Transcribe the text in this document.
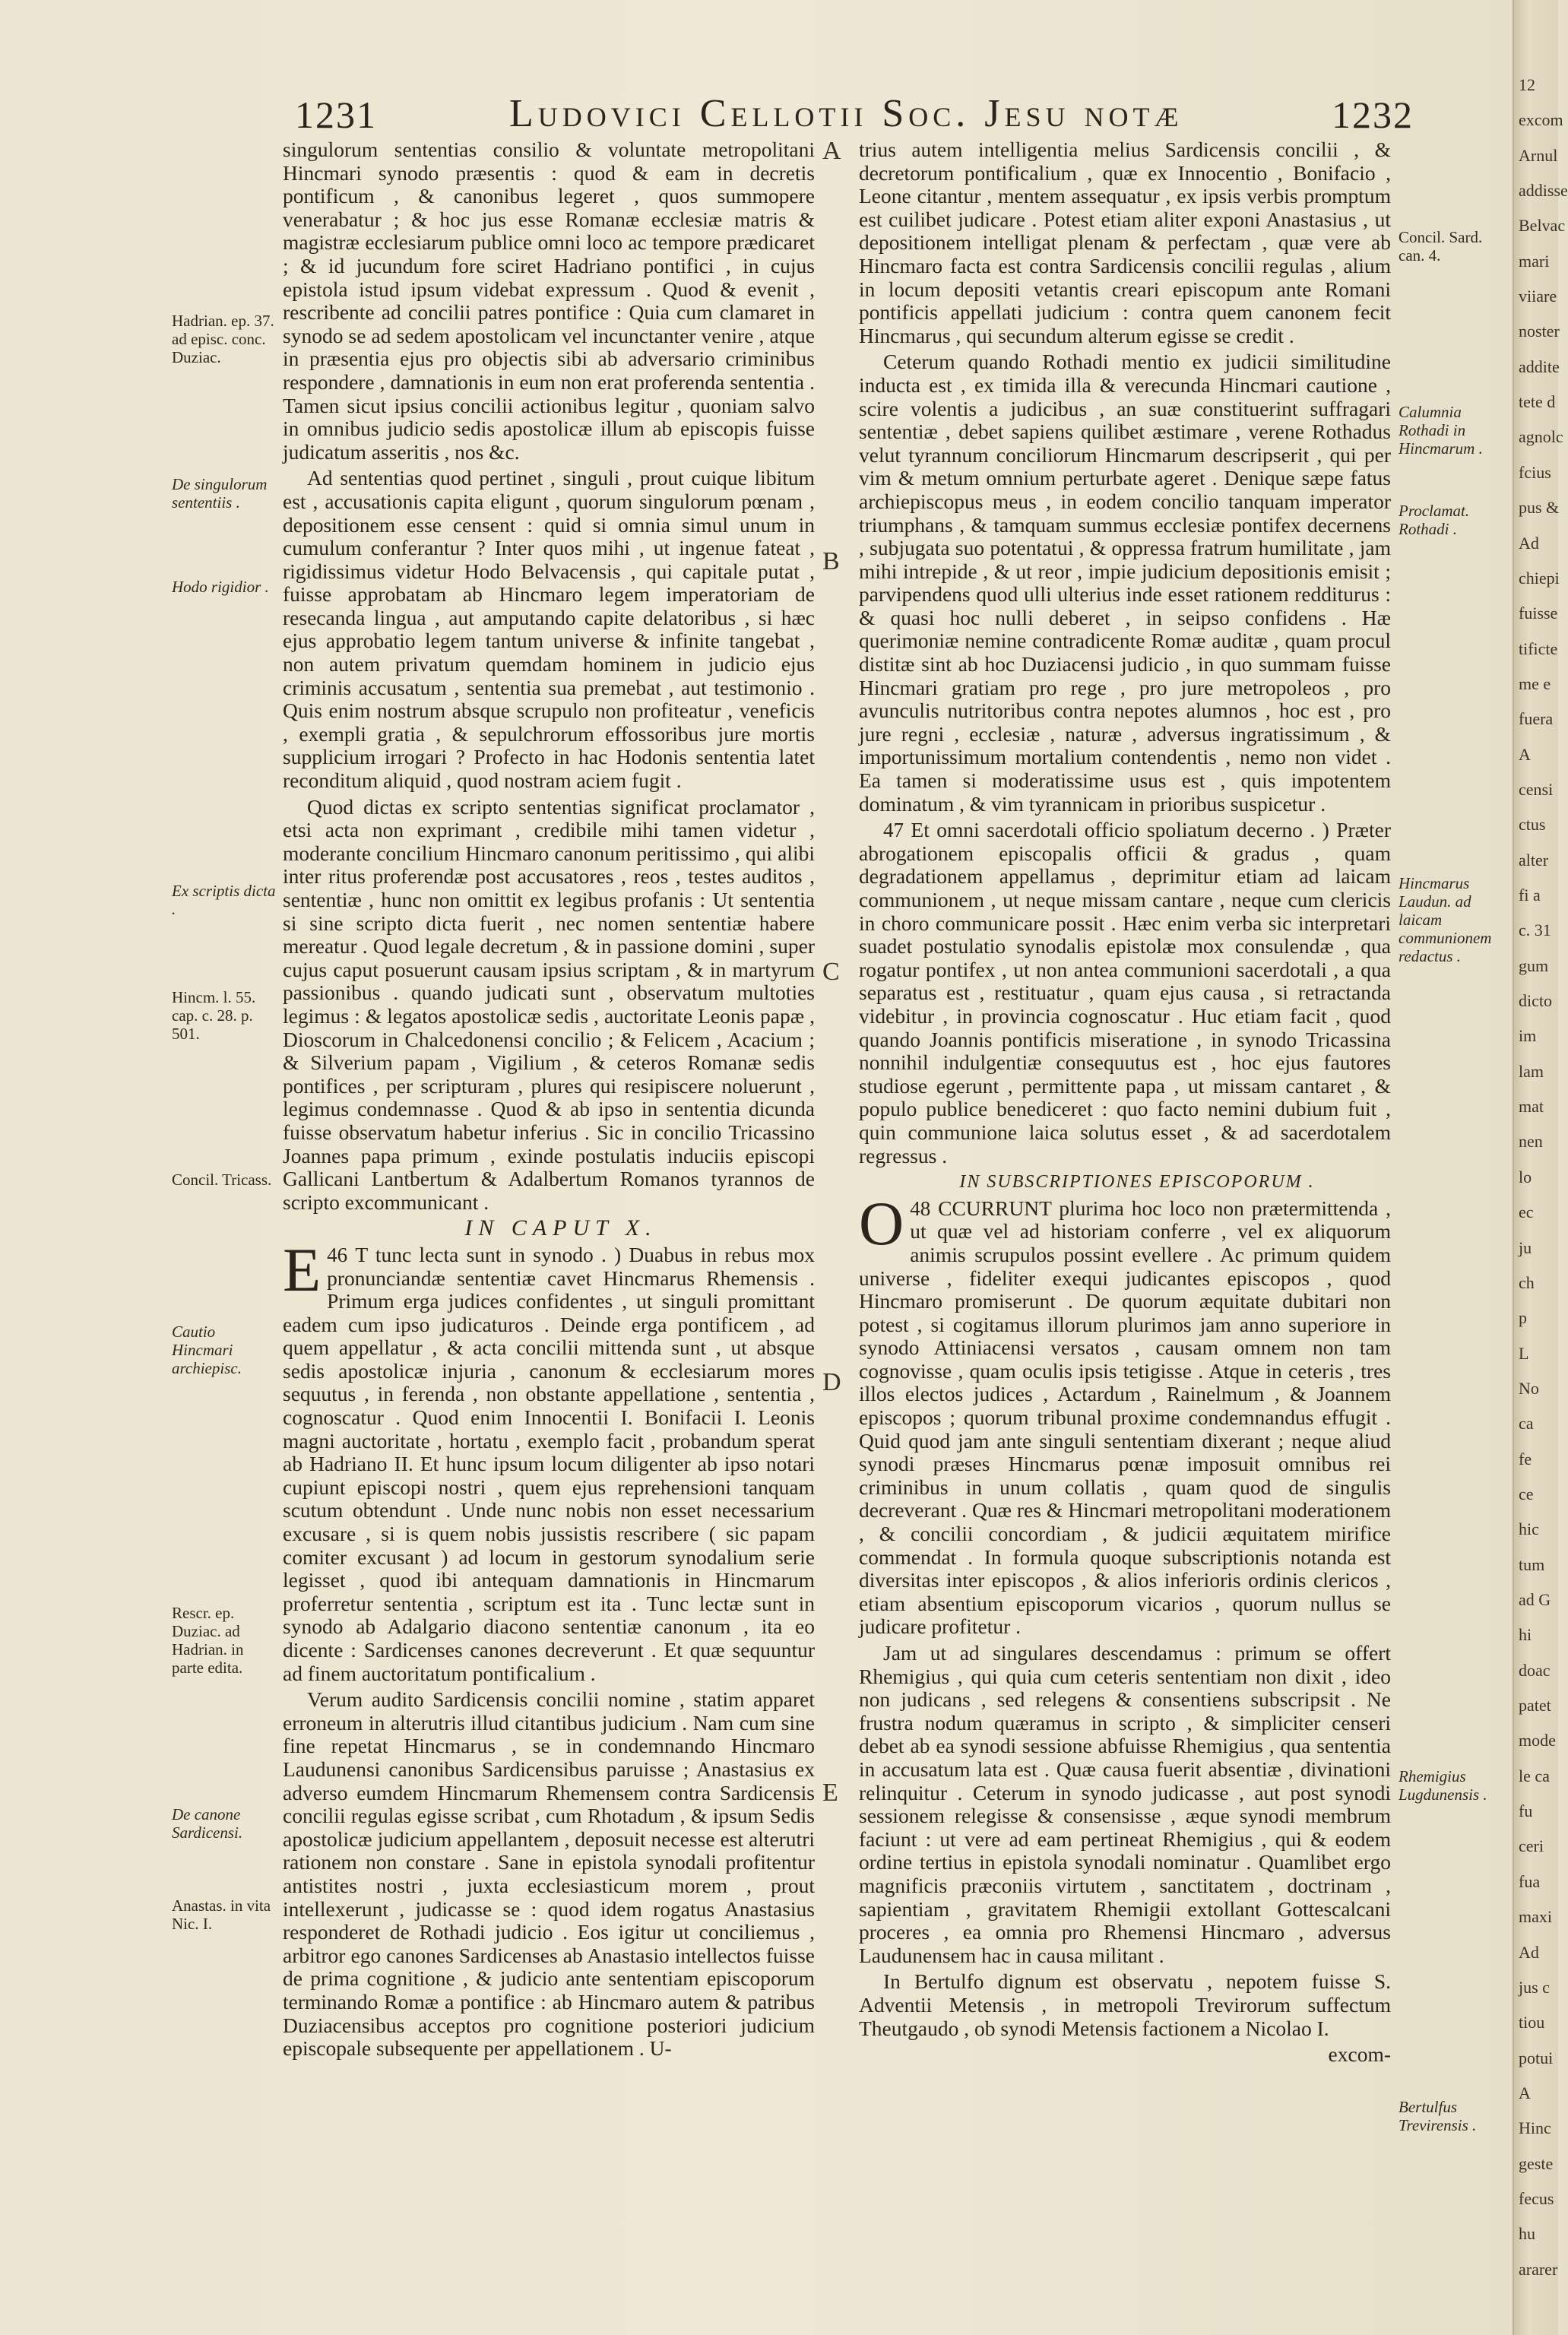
1231	Ludovici Cellotii Soc. Jesu notæ	1232
A
B
C
D
E

singulorum sententias consilio & voluntate metropolitani Hincmari synodo præsentis : quod & eam in decretis pontificum , & canonibus legeret , quos summopere venerabatur ; & hoc jus esse Romanæ ecclesiæ matris & magistræ ecclesiarum publice omni loco ac tempore prædicaret ; & id jucundum fore sciret Hadriano pontifici , in cujus epistola istud ipsum videbat expressum . Quod & evenit , rescribente ad concilii patres pontifice : Quia cum clamaret in synodo se ad sedem apostolicam vel incunctanter venire , atque in præsentia ejus pro objectis sibi ab adversario criminibus respondere , damnationis in eum non erat proferenda sententia . Tamen sicut ipsius concilii actionibus legitur , quoniam salvo in omnibus judicio sedis apostolicæ illum ab episcopis fuisse judicatum asseritis , nos &c.

Ad sententias quod pertinet , singuli , prout cuique libitum est , accusationis capita eligunt , quorum singulorum pœnam , depositionem esse censent : quid si omnia simul unum in cumulum conferantur ? Inter quos mihi , ut ingenue fateat , rigidissimus videtur Hodo Belvacensis , qui capitale putat , fuisse approbatam ab Hincmaro legem imperatoriam de resecanda lingua , aut amputando capite delatoribus , si hæc ejus approbatio legem tantum universe & infinite tangebat , non autem privatum quemdam hominem in judicio ejus criminis accusatum , sententia sua premebat , aut testimonio . Quis enim nostrum absque scrupulo non profiteatur , veneficis , exempli gratia , & sepulchrorum effossoribus jure mortis supplicium irrogari ? Profecto in hac Hodonis sententia latet reconditum aliquid , quod nostram aciem fugit .

Quod dictas ex scripto sententias significat proclamator , etsi acta non exprimant , credibile mihi tamen videtur , moderante concilium Hincmaro canonum peritissimo , qui alibi inter ritus proferendæ post accusatores , reos , testes auditos , sententiæ , hunc non omittit ex legibus profanis : Ut sententia si sine scripto dicta fuerit , nec nomen sententiæ habere mereatur . Quod legale decretum , & in passione domini , super cujus caput posuerunt causam ipsius scriptam , & in martyrum passionibus . quando judicati sunt , observatum multoties legimus : & legatos apostolicæ sedis , auctoritate Leonis papæ , Dioscorum in Chalcedonensi concilio ; & Felicem , Acacium ; & Silverium papam , Vigilium , & ceteros Romanæ sedis pontifices , per scripturam , plures qui resipiscere noluerunt , legimus condemnasse . Quod & ab ipso in sententia dicunda fuisse observatum habetur inferius . Sic in concilio Tricassino Joannes papa primum , exinde postulatis induciis episcopi Gallicani Lantbertum & Adalbertum Romanos tyrannos de scripto excommunicant .

IN CAPUT X.

46
E T tunc lecta sunt in synodo . ) Duabus in rebus mox pronunciandæ sententiæ cavet Hincmarus Rhemensis . Primum erga judices confidentes , ut singuli promittant eadem cum ipso judicaturos . Deinde erga pontificem , ad quem appellatur , & acta concilii mittenda sunt , ut absque sedis apostolicæ injuria , canonum & ecclesiarum mores sequutus , in ferenda , non obstante appellatione , sententia , cognoscatur . Quod enim Innocentii I. Bonifacii I. Leonis magni auctoritate , hortatu , exemplo facit , probandum sperat ab Hadriano II. Et hunc ipsum locum diligenter ab ipso notari cupiunt episcopi nostri , quem ejus reprehensioni tanquam scutum obtendunt . Unde nunc nobis non esset necessarium excusare , si is quem nobis jussistis rescribere ( sic papam comiter excusant ) ad locum in gestorum synodalium serie legisset , quod ibi antequam damnationis in Hincmarum proferretur sententia , scriptum est ita . Tunc lectæ sunt in synodo ab Adalgario diacono sententiæ canonum , ita eo dicente : Sardicenses canones decreverunt . Et quæ sequuntur ad finem auctoritatum pontificalium .

Verum audito Sardicensis concilii nomine , statim apparet erroneum in alterutris illud citantibus judicium . Nam cum sine fine repetat Hincmarus , se in condemnando Hincmaro Laudunensi canonibus Sardicensibus paruisse ; Anastasius ex adverso eumdem Hincmarum Rhemensem contra Sardicensis concilii regulas egisse scribat , cum Rhotadum , & ipsum Sedis apostolicæ judicium appellantem , deposuit necesse est alterutri rationem non constare . Sane in epistola synodali profitentur antistites nostri , juxta ecclesiasticum morem , prout intellexerunt , judicasse se : quod idem rogatus Anastasius responderet de Rothadi judicio . Eos igitur ut conciliemus , arbitror ego canones Sardicenses ab Anastasio intellectos fuisse de prima cognitione , & judicio ante sententiam episcoporum terminando Romæ a pontifice : ab Hincmaro autem & patribus Duziacensibus acceptos pro cognitione posteriori judicium episcopale subsequente per appellationem . U-

trius autem intelligentia melius Sardicensis concilii , & decretorum pontificalium , quæ ex Innocentio , Bonifacio , Leone citantur , mentem assequatur , ex ipsis verbis promptum est cuilibet judicare . Potest etiam aliter exponi Anastasius , ut depositionem intelligat plenam & perfectam , quæ vere ab Hincmaro facta est contra Sardicensis concilii regulas , alium in locum depositi vetantis creari episcopum ante Romani pontificis appellati judicium : contra quem canonem fecit Hincmarus , qui secundum alterum egisse se credit .

Ceterum quando Rothadi mentio ex judicii similitudine inducta est , ex timida illa & verecunda Hincmari cautione , scire volentis a judicibus , an suæ constituerint suffragari sententiæ , debet sapiens quilibet æstimare , verene Rothadus velut tyrannum conciliorum Hincmarum descripserit , qui per vim & metum omnium perturbate ageret . Denique sæpe fatus archiepiscopus meus , in eodem concilio tanquam imperator triumphans , & tamquam summus ecclesiæ pontifex decernens , subjugata suo potentatui , & oppressa fratrum humilitate , jam mihi intrepide , & ut reor , impie judicium depositionis emisit ; parvipendens quod ulli ulterius inde esset rationem redditurus : & quasi hoc nulli deberet , in seipso confidens . Hæ querimoniæ nemine contradicente Romæ auditæ , quam procul distitæ sint ab hoc Duziacensi judicio , in quo summam fuisse Hincmari gratiam pro rege , pro jure metropoleos , pro avunculis nutritoribus contra nepotes alumnos , hoc est , pro jure regni , ecclesiæ , naturæ , adversus ingratissimum , & importunissimum mortalium contendentis , nemo non videt . Ea tamen si moderatissime usus est , quis impotentem dominatum , & vim tyrannicam in prioribus suspicetur .

47 Et omni sacerdotali officio spoliatum decerno . ) Præter abrogationem episcopalis officii & gradus , quam degradationem appellamus , deprimitur etiam ad laicam communionem , ut neque missam cantare , neque cum clericis in choro communicare possit . Hæc enim verba sic interpretari suadet postulatio synodalis epistolæ mox consulendæ , qua rogatur pontifex , ut non antea communioni sacerdotali , a qua separatus est , restituatur , quam ejus causa , si retractanda videbitur , in provincia cognoscatur . Huc etiam facit , quod quando Joannis pontificis miseratione , in synodo Tricassina nonnihil indulgentiæ consequutus est , hoc ejus fautores studiose egerunt , permittente papa , ut missam cantaret , & populo publice benediceret : quo facto nemini dubium fuit , quin communione laica solutus esset , & ad sacerdotalem regressus .

IN SUBSCRIPTIONES EPISCOPORUM .

48
O CCURRUNT plurima hoc loco non prætermittenda , ut quæ vel ad historiam conferre , vel ex aliquorum animis scrupulos possint evellere . Ac primum quidem universe , fideliter exequi judicantes episcopos , quod Hincmaro promiserunt . De quorum æquitate dubitari non potest , si cogitamus illorum plurimos jam anno superiore in synodo Attiniacensi versatos , causam omnem non tam cognovisse , quam oculis ipsis tetigisse . Atque in ceteris , tres illos electos judices , Actardum , Rainelmum , & Joannem episcopos ; quorum tribunal proxime condemnandus effugit . Quid quod jam ante singuli sententiam dixerant ; neque aliud synodi præses Hincmarus pœnæ imposuit omnibus rei criminibus in unum collatis , quam quod de singulis decreverant . Quæ res & Hincmari metropolitani moderationem , & concilii concordiam , & judicii æquitatem mirifice commendat . In formula quoque subscriptionis notanda est diversitas inter episcopos , & alios inferioris ordinis clericos , etiam absentium episcoporum vicarios , quorum nullus se judicare profitetur .

Jam ut ad singulares descendamus : primum se offert Rhemigius , qui quia cum ceteris sententiam non dixit , ideo non judicans , sed relegens & consentiens subscripsit . Ne frustra nodum quæramus in scripto , & simpliciter censeri debet ab ea synodi sessione abfuisse Rhemigius , qua sententia in accusatum lata est . Quæ causa fuerit absentiæ , divinationi relinquitur . Ceterum in synodo judicasse , aut post synodi sessionem relegisse & consensisse , æque synodi membrum faciunt : ut vere ad eam pertineat Rhemigius , qui & eodem ordine tertius in epistola synodali nominatur . Quamlibet ergo magnificis præconiis virtutem , sanctitatem , doctrinam , sapientiam , gravitatem Rhemigii extollant Gottescalcani proceres , ea omnia pro Rhemensi Hincmaro , adversus Laudunensem hac in causa militant .

In Bertulfo dignum est observatu , nepotem fuisse S. Adventii Metensis , in metropoli Trevirorum suffectum Theutgaudo , ob synodi Metensis factionem a Nicolao I.

excom-

Hadrian. ep. 37. ad episc. conc. Duziac.
De singulorum sententiis .
Hodo rigidior .
Ex scriptis dicta .
Hincm. l. 55. cap. c. 28. p. 501.
Concil. Tricass.
Cautio Hincmari archiepisc.
Rescr. ep. Duziac. ad Hadrian. in parte edita.
De canone Sardicensi.
Anastas. in vita Nic. I.
Concil. Sard. can. 4.
Calumnia Rothadi in Hincmarum .
Proclamat. Rothadi .
Hincmarus Laudun. ad laicam communionem redactus .
Rhemigius Lugdunensis .
Bertulfus Trevirensis .
12
excom
Arnul
addisse
Belvac
mari
viiare
noster
addite
tete d
agnolc
fcius
pus &
Ad
chiepi
fuisse
tificte
me e
fuera
A
censi
ctus
alter
fi a
c. 31
gum
dicto
im
lam
mat
nen
lo
ec
ju
ch
p
L
No
ca
fe
ce
hic
tum
ad G
hi
doac
patet
mode
le ca
fu
ceri
fua
maxi
Ad
jus c
tiou
potui
A
Hinc
geste
fecus
hu
ararer
